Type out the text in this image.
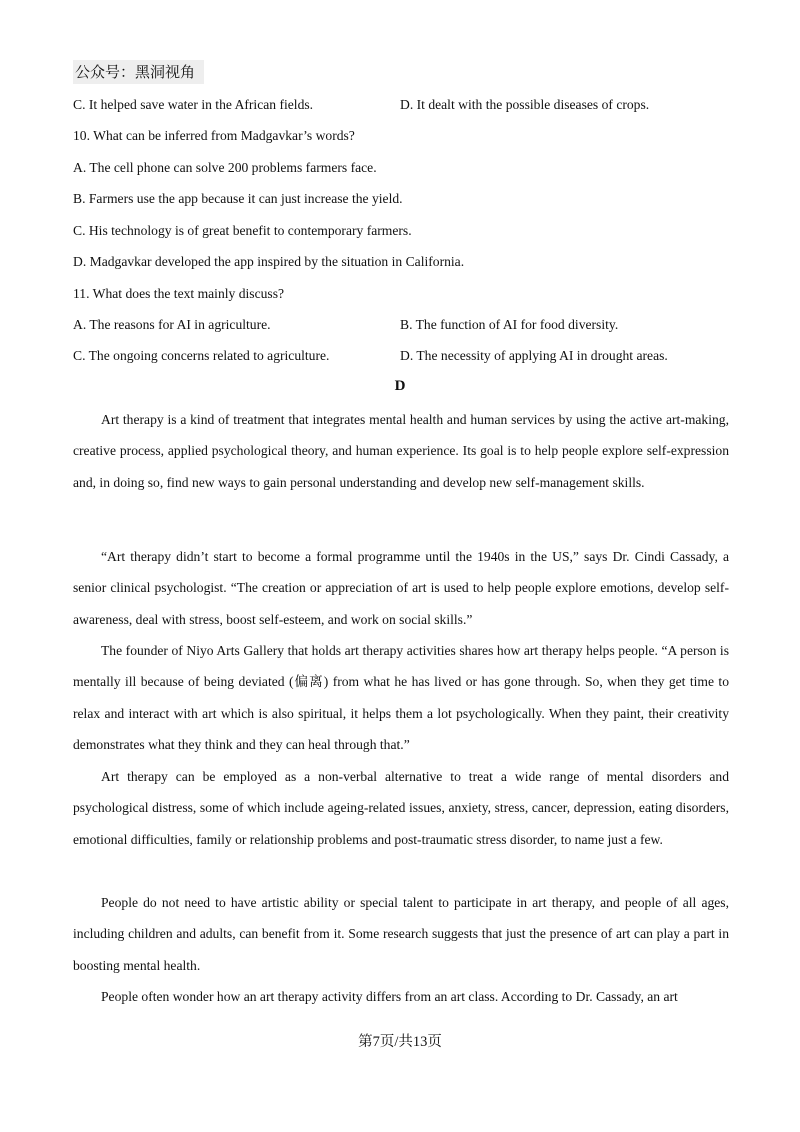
公众号：黑洞视角
C. It helped save water in the African fields.	D. It dealt with the possible diseases of crops.
10. What can be inferred from Madgavkar’s words?
A. The cell phone can solve 200 problems farmers face.
B. Farmers use the app because it can just increase the yield.
C. His technology is of great benefit to contemporary farmers.
D. Madgavkar developed the app inspired by the situation in California.
11. What does the text mainly discuss?
A. The reasons for AI in agriculture.	B. The function of AI for food diversity.
C. The ongoing concerns related to agriculture.	D. The necessity of applying AI in drought areas.
D

Art therapy is a kind of treatment that integrates mental health and human services by using the active art-making, creative process, applied psychological theory, and human experience. Its goal is to help people explore self-expression and, in doing so, find new ways to gain personal understanding and develop new self-management skills.

“Art therapy didn’t start to become a formal programme until the 1940s in the US,” says Dr. Cindi Cassady, a senior clinical psychologist. “The creation or appreciation of art is used to help people explore emotions, develop self-awareness, deal with stress, boost self-esteem, and work on social skills.”

The founder of Niyo Arts Gallery that holds art therapy activities shares how art therapy helps people. “A person is mentally ill because of being deviated (偏离) from what he has lived or has gone through. So, when they get time to relax and interact with art which is also spiritual, it helps them a lot psychologically. When they paint, their creativity demonstrates what they think and they can heal through that.”

Art therapy can be employed as a non-verbal alternative to treat a wide range of mental disorders and psychological distress, some of which include ageing-related issues, anxiety, stress, cancer, depression, eating disorders, emotional difficulties, family or relationship problems and post-traumatic stress disorder, to name just a few.

People do not need to have artistic ability or special talent to participate in art therapy, and people of all ages, including children and adults, can benefit from it. Some research suggests that just the presence of art can play a part in boosting mental health.

People often wonder how an art therapy activity differs from an art class. According to Dr. Cassady, an art

第7页/共13页
